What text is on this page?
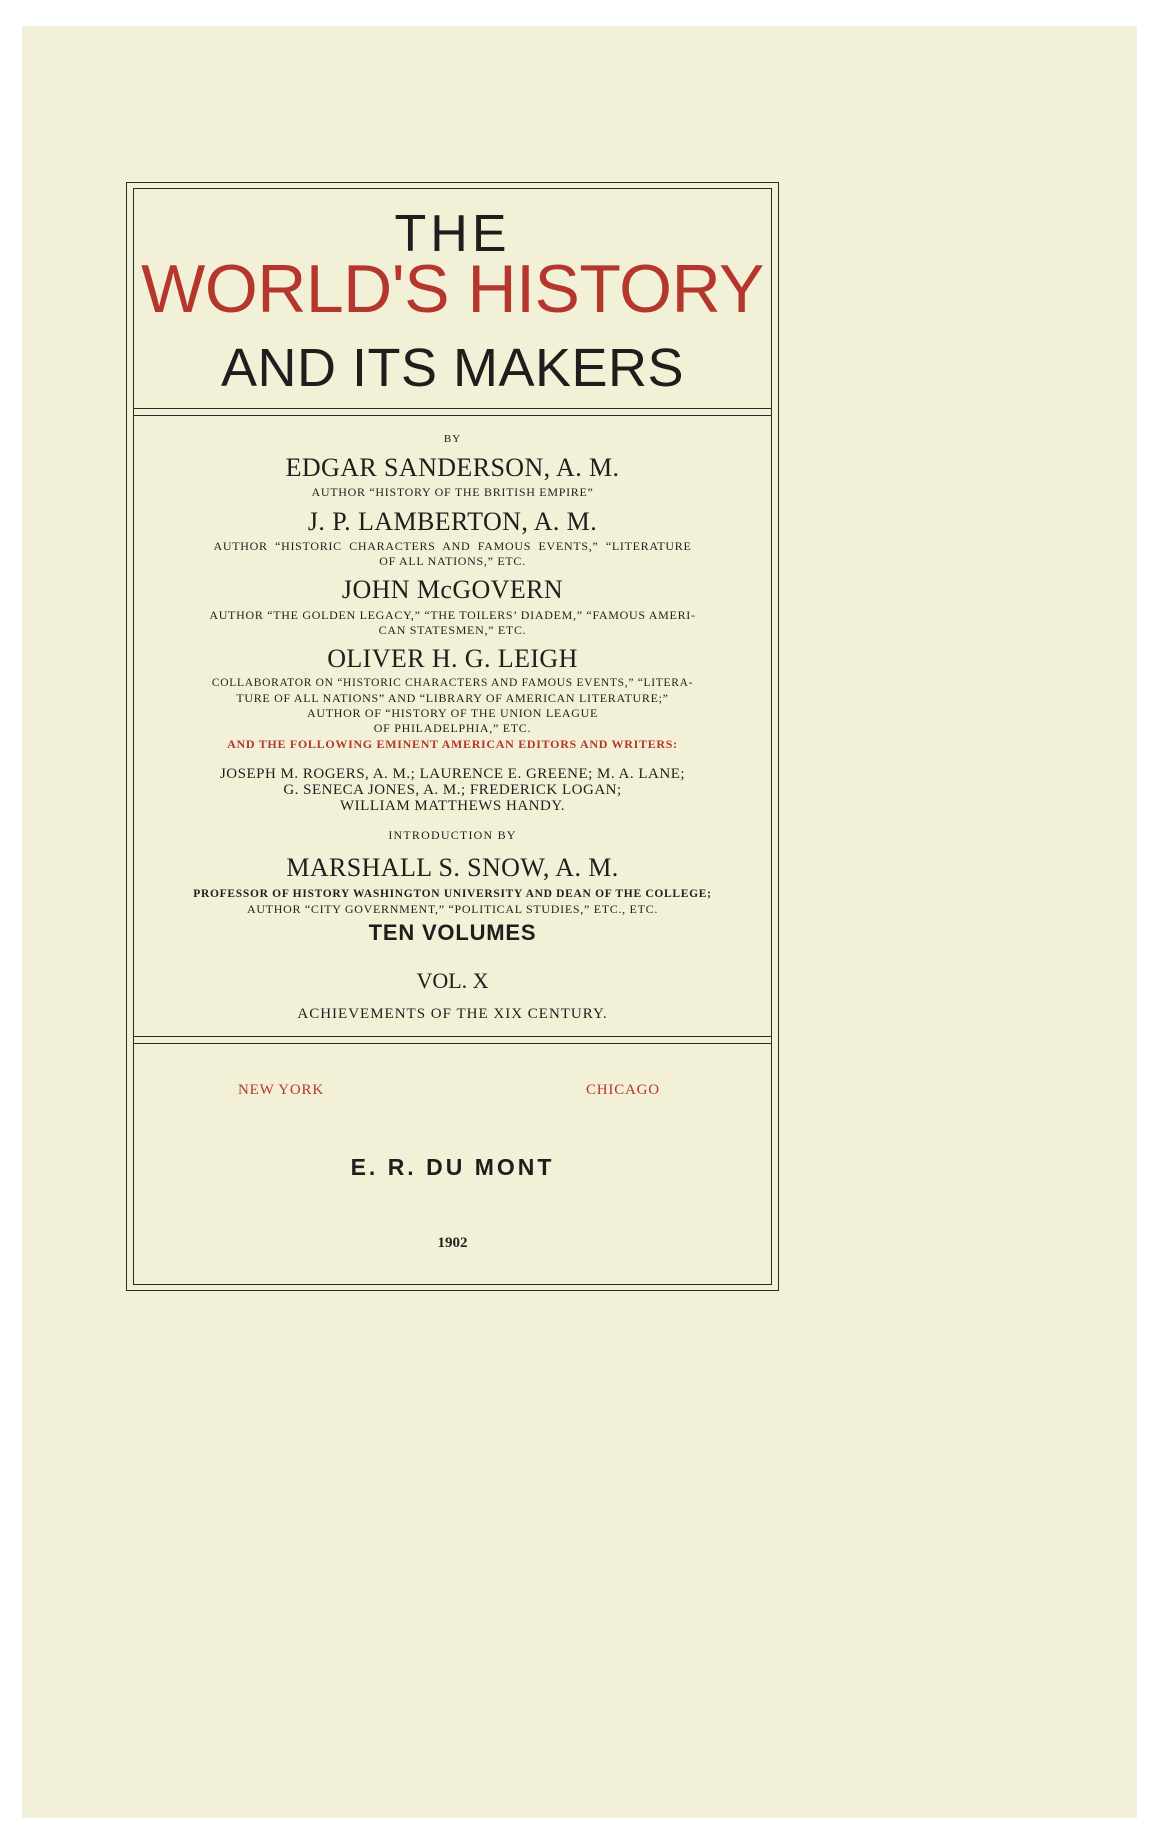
THE
WORLD'S HISTORY
AND ITS MAKERS
BY
EDGAR SANDERSON, A. M.
AUTHOR “HISTORY OF THE BRITISH EMPIRE”
J. P. LAMBERTON, A. M.
AUTHOR  “HISTORIC  CHARACTERS  AND  FAMOUS  EVENTS,”  “LITERATURE
OF ALL NATIONS,” ETC.
JOHN McGOVERN
AUTHOR “THE GOLDEN LEGACY,” “THE TOILERS’ DIADEM,” “FAMOUS AMERI-
CAN STATESMEN,” ETC.
OLIVER H. G. LEIGH
COLLABORATOR ON “HISTORIC CHARACTERS AND FAMOUS EVENTS,” “LITERA-
TURE OF ALL NATIONS” AND “LIBRARY OF AMERICAN LITERATURE;”
AUTHOR OF “HISTORY OF THE UNION LEAGUE
OF PHILADELPHIA,” ETC.
AND THE FOLLOWING EMINENT AMERICAN EDITORS AND WRITERS:
JOSEPH M. ROGERS, A. M.; LAURENCE E. GREENE; M. A. LANE;
G. SENECA JONES, A. M.; FREDERICK LOGAN;
WILLIAM MATTHEWS HANDY.
INTRODUCTION BY
MARSHALL S. SNOW, A. M.
PROFESSOR OF HISTORY WASHINGTON UNIVERSITY AND DEAN OF THE COLLEGE;
AUTHOR “CITY GOVERNMENT,” “POLITICAL STUDIES,” ETC., ETC.
TEN VOLUMES
VOL. X
ACHIEVEMENTS OF THE XIX CENTURY.
NEW YORK	CHICAGO
E. R. DU MONT
1902
